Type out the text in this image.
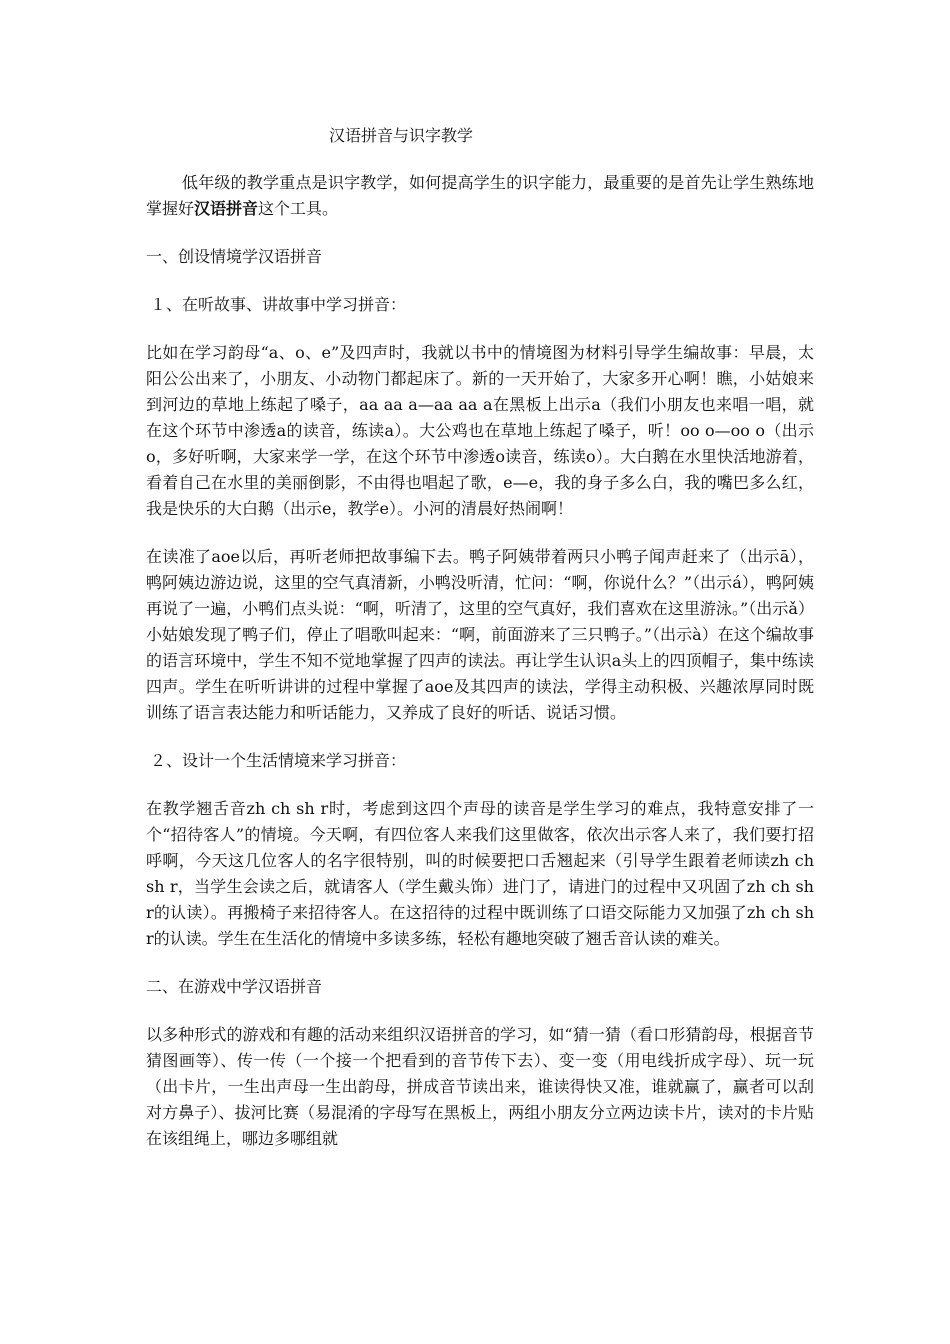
汉语拼音与识字教学

低年级的教学重点是识字教学，如何提高学生的识字能力，最重要的是首先让学生熟练地掌握好汉语拼音这个工具。

一、创设情境学汉语拼音

１、在听故事、讲故事中学习拼音：

比如在学习韵母“a、o、e”及四声时，我就以书中的情境图为材料引导学生编故事：早晨，太阳公公出来了，小朋友、小动物门都起床了。新的一天开始了，大家多开心啊！瞧，小姑娘来到河边的草地上练起了嗓子，aa aa a—aa aa a在黑板上出示a（我们小朋友也来唱一唱，就在这个环节中渗透a的读音，练读a）。大公鸡也在草地上练起了嗓子，听！oo o—oo o（出示o，多好听啊，大家来学一学，在这个环节中渗透o读音，练读o）。大白鹅在水里快活地游着，看着自己在水里的美丽倒影，不由得也唱起了歌，e—e，我的身子多么白，我的嘴巴多么红，我是快乐的大白鹅（出示e，教学e）。小河的清晨好热闹啊！

在读准了aoe以后，再听老师把故事编下去。鸭子阿姨带着两只小鸭子闻声赶来了（出示ā），鸭阿姨边游边说，这里的空气真清新，小鸭没听清，忙问：“啊，你说什么？”（出示á），鸭阿姨再说了一遍，小鸭们点头说：“啊，听清了，这里的空气真好，我们喜欢在这里游泳。”（出示ǎ）小姑娘发现了鸭子们，停止了唱歌叫起来：“啊，前面游来了三只鸭子。”（出示à）在这个编故事的语言环境中，学生不知不觉地掌握了四声的读法。再让学生认识a头上的四顶帽子，集中练读四声。学生在听听讲讲的过程中掌握了aoe及其四声的读法，学得主动积极、兴趣浓厚同时既训练了语言表达能力和听话能力，又养成了良好的听话、说话习惯。

２、设计一个生活情境来学习拼音：

在教学翘舌音zh ch sh r时，考虑到这四个声母的读音是学生学习的难点，我特意安排了一个“招待客人”的情境。今天啊，有四位客人来我们这里做客，依次出示客人来了，我们要打招呼啊，今天这几位客人的名字很特别，叫的时候要把口舌翘起来（引导学生跟着老师读zh ch sh r，当学生会读之后，就请客人（学生戴头饰）进门了，请进门的过程中又巩固了zh ch sh r的认读）。再搬椅子来招待客人。在这招待的过程中既训练了口语交际能力又加强了zh ch sh r的认读。学生在生活化的情境中多读多练，轻松有趣地突破了翘舌音认读的难关。

二、在游戏中学汉语拼音

以多种形式的游戏和有趣的活动来组织汉语拼音的学习，如“猜一猜（看口形猜韵母，根据音节猜图画等）、传一传（一个接一个把看到的音节传下去）、变一变（用电线折成字母）、玩一玩（出卡片，一生出声母一生出韵母，拼成音节读出来，谁读得快又准，谁就赢了，赢者可以刮对方鼻子）、拔河比赛（易混淆的字母写在黑板上，两组小朋友分立两边读卡片，读对的卡片贴在该组绳上，哪边多哪组就
